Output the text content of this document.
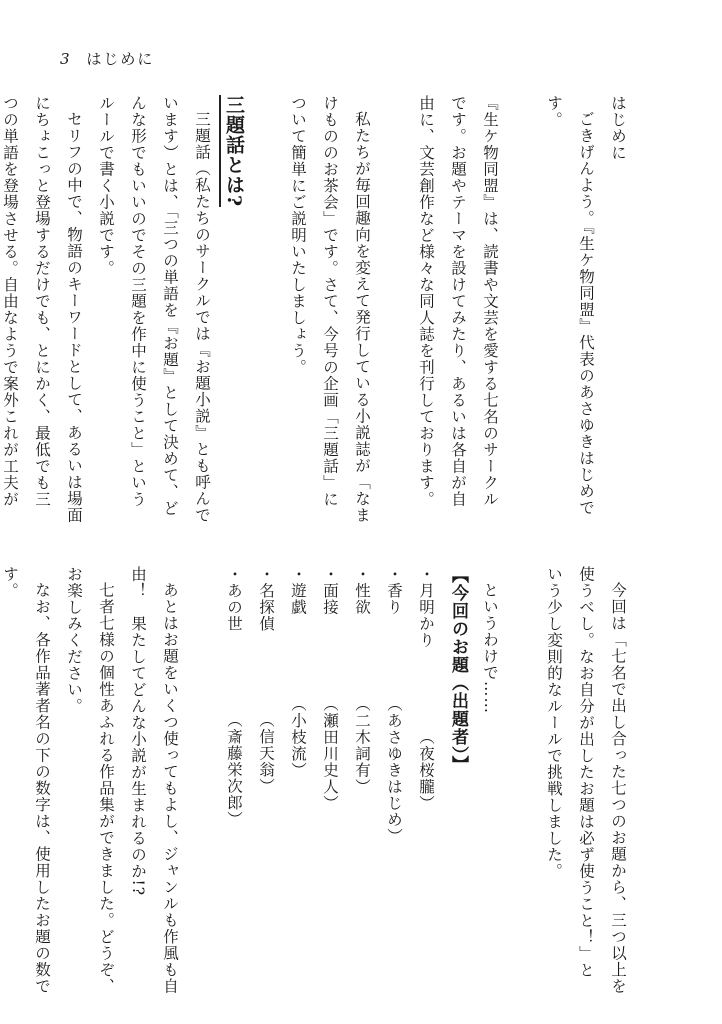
3 はじめに

はじめに

ごきげんよう。『生ケ物同盟』代表のあさゆきはじめです。

『生ケ物同盟』は、読書や文芸を愛する七名のサークルです。お題やテーマを設けてみたり、あるいは各自が自由に、文芸創作など様々な同人誌を刊行しております。

私たちが毎回趣向を変えて発行している小説誌が「なまけもののお茶会」です。さて、今号の企画「三題話」について簡単にご説明いたしましょう。

三題話とは?

三題話（私たちのサークルでは『お題小説』とも呼んでいます）とは、「三つの単語を『お題』として決めて、どんな形でもいいのでその三題を作中に使うこと」というルールで書く小説です。

セリフの中で、物語のキーワードとして、あるいは場面にちょこっと登場するだけでも、とにかく、最低でも三つの単語を登場させる。自由なようで案外これが工夫が

今回は「七名で出し合った七つのお題から、三つ以上を使うべし。なお自分が出したお題は必ず使うこと！」という少し変則的なルールで挑戦しました。

というわけで……

【今回のお題（出題者）】

・月明かり（夜桜朧）

・香り（あさゆきはじめ）

・性欲（二木詞有）

・面接（瀬田川史人）

・遊戯（小枝流）

・名探偵（信天翁）

・あの世（斎藤栄次郎）

あとはお題をいくつ使ってもよし、ジャンルも作風も自由！　果たしてどんな小説が生まれるのか!?

七者七様の個性あふれる作品集ができました。どうぞ、お楽しみください。

なお、各作品著者名の下の数字は、使用したお題の数です。
